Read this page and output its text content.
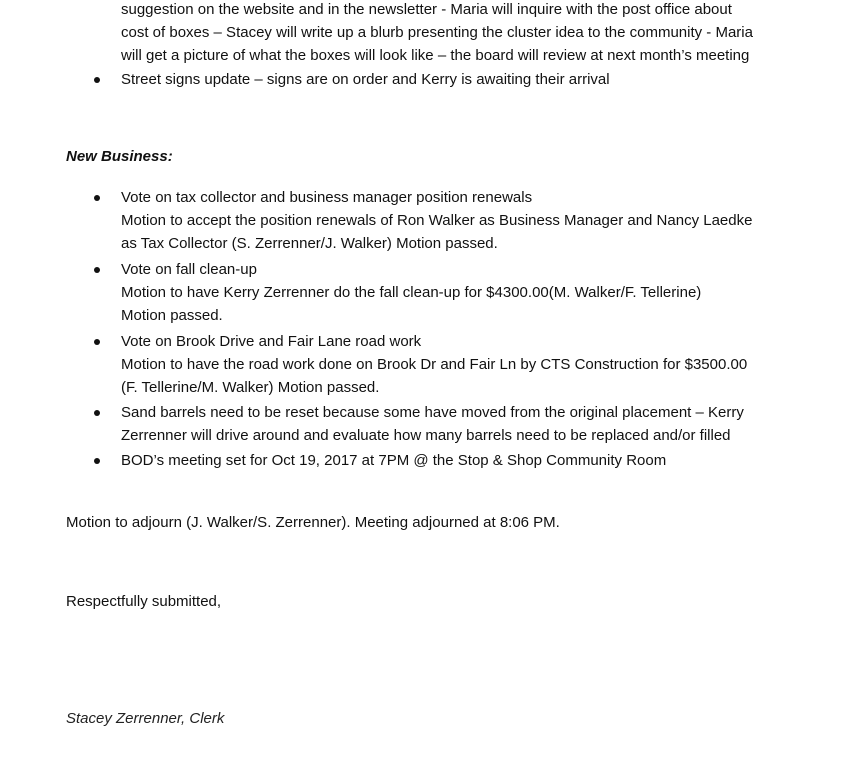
suggestion on the website and in the newsletter - Maria will inquire with the post office about
cost of boxes – Stacey will write up a blurb presenting the cluster idea to the community - Maria
will get a picture of what the boxes will look like – the board will review at next month’s meeting
Street signs update – signs are on order and Kerry is awaiting their arrival
New Business:
Vote on tax collector and business manager position renewals
Motion to accept the position renewals of Ron Walker as Business Manager and Nancy Laedke
as Tax Collector (S. Zerrenner/J. Walker) Motion passed.
Vote on fall clean-up
Motion to have Kerry Zerrenner do the fall clean-up for $4300.00(M. Walker/F. Tellerine)
Motion passed.
Vote on Brook Drive and Fair Lane road work
Motion to have the road work done on Brook Dr and Fair Ln by CTS Construction for $3500.00
(F. Tellerine/M. Walker) Motion passed.
Sand barrels need to be reset because some have moved from the original placement – Kerry
Zerrenner will drive around and evaluate how many barrels need to be replaced and/or filled
BOD’s meeting set for Oct 19, 2017 at 7PM @ the Stop & Shop Community Room
Motion to adjourn (J. Walker/S. Zerrenner). Meeting adjourned at 8:06 PM.
Respectfully submitted,
Stacey Zerrenner, Clerk
